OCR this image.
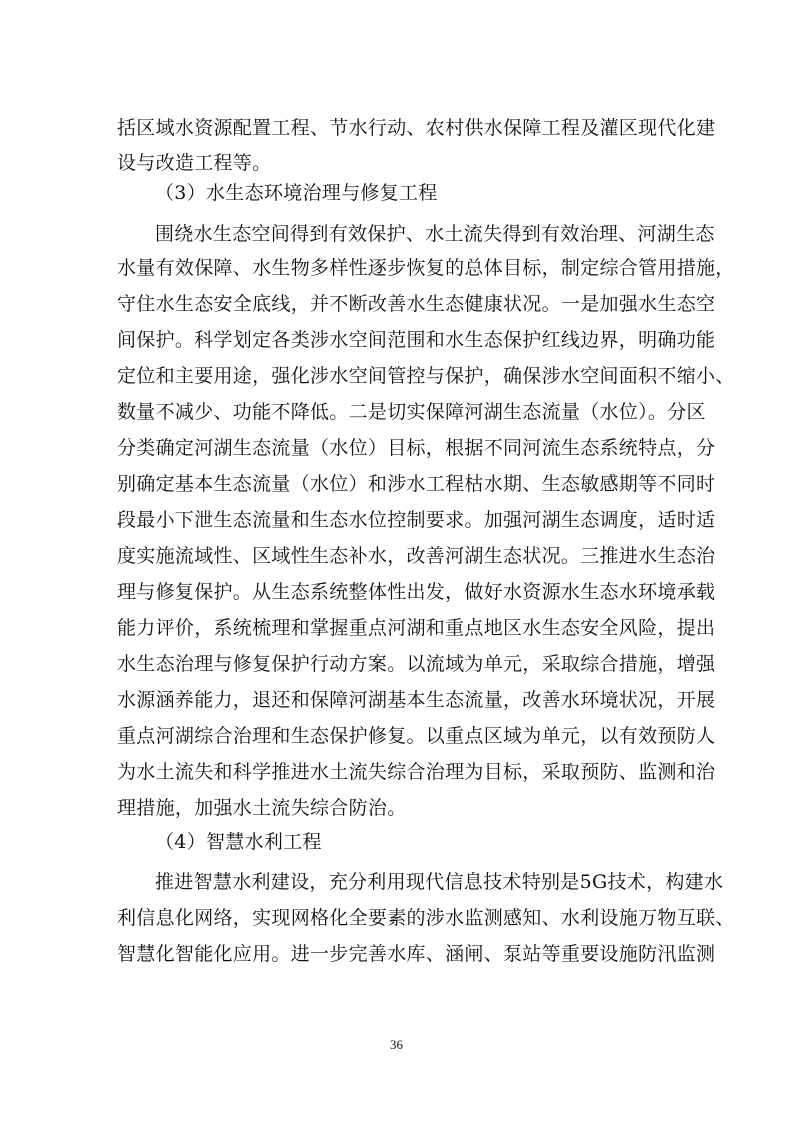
括区域水资源配置工程、节水行动、农村供水保障工程及灌区现代化建
设与改造工程等。
（3）水生态环境治理与修复工程
围绕水生态空间得到有效保护、水土流失得到有效治理、河湖生态
水量有效保障、水生物多样性逐步恢复的总体目标，制定综合管用措施，
守住水生态安全底线，并不断改善水生态健康状况。一是加强水生态空
间保护。科学划定各类涉水空间范围和水生态保护红线边界，明确功能
定位和主要用途，强化涉水空间管控与保护，确保涉水空间面积不缩小、
数量不减少、功能不降低。二是切实保障河湖生态流量（水位）。分区
分类确定河湖生态流量（水位）目标，根据不同河流生态系统特点，分
别确定基本生态流量（水位）和涉水工程枯水期、生态敏感期等不同时
段最小下泄生态流量和生态水位控制要求。加强河湖生态调度，适时适
度实施流域性、区域性生态补水，改善河湖生态状况。三推进水生态治
理与修复保护。从生态系统整体性出发，做好水资源水生态水环境承载
能力评价，系统梳理和掌握重点河湖和重点地区水生态安全风险，提出
水生态治理与修复保护行动方案。以流域为单元，采取综合措施，增强
水源涵养能力，退还和保障河湖基本生态流量，改善水环境状况，开展
重点河湖综合治理和生态保护修复。以重点区域为单元，以有效预防人
为水土流失和科学推进水土流失综合治理为目标，采取预防、监测和治
理措施，加强水土流失综合防治。
（4）智慧水利工程
推进智慧水利建设，充分利用现代信息技术特别是5G技术，构建水
利信息化网络，实现网格化全要素的涉水监测感知、水利设施万物互联、
智慧化智能化应用。进一步完善水库、涵闸、泵站等重要设施防汛监测
36
